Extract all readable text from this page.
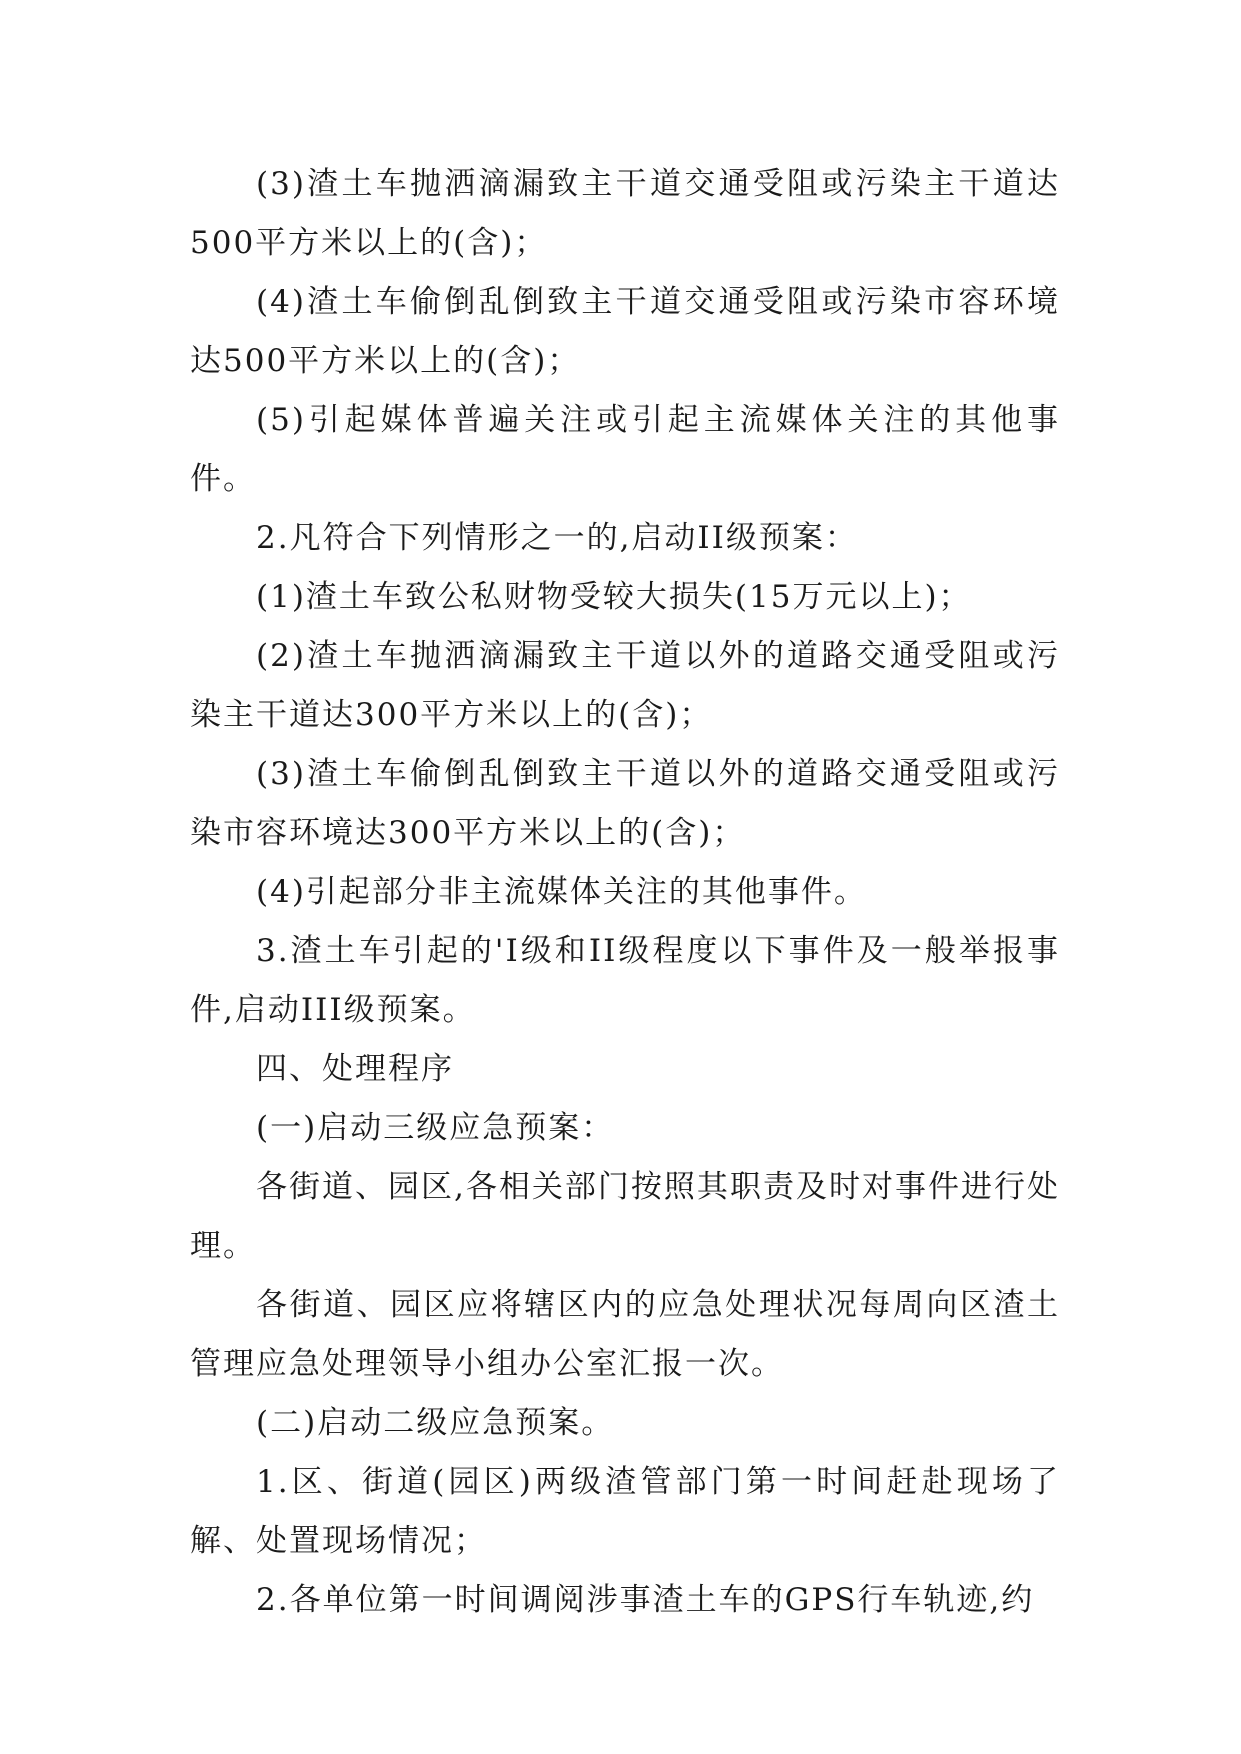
(3)渣土车抛洒滴漏致主干道交通受阻或污染主干道达500平方米以上的(含)；

(4)渣土车偷倒乱倒致主干道交通受阻或污染市容环境达500平方米以上的(含)；

(5)引起媒体普遍关注或引起主流媒体关注的其他事件。

2.凡符合下列情形之一的,启动II级预案：

(1)渣土车致公私财物受较大损失(15万元以上)；

(2)渣土车抛洒滴漏致主干道以外的道路交通受阻或污染主干道达300平方米以上的(含)；

(3)渣土车偷倒乱倒致主干道以外的道路交通受阻或污染市容环境达300平方米以上的(含)；

(4)引起部分非主流媒体关注的其他事件。

3.渣土车引起的'I级和II级程度以下事件及一般举报事件,启动III级预案。

四、处理程序

(一)启动三级应急预案：

各街道、园区,各相关部门按照其职责及时对事件进行处理。

各街道、园区应将辖区内的应急处理状况每周向区渣土管理应急处理领导小组办公室汇报一次。

(二)启动二级应急预案。

1.区、街道(园区)两级渣管部门第一时间赶赴现场了解、处置现场情况；

2.各单位第一时间调阅涉事渣土车的GPS行车轨迹,约
